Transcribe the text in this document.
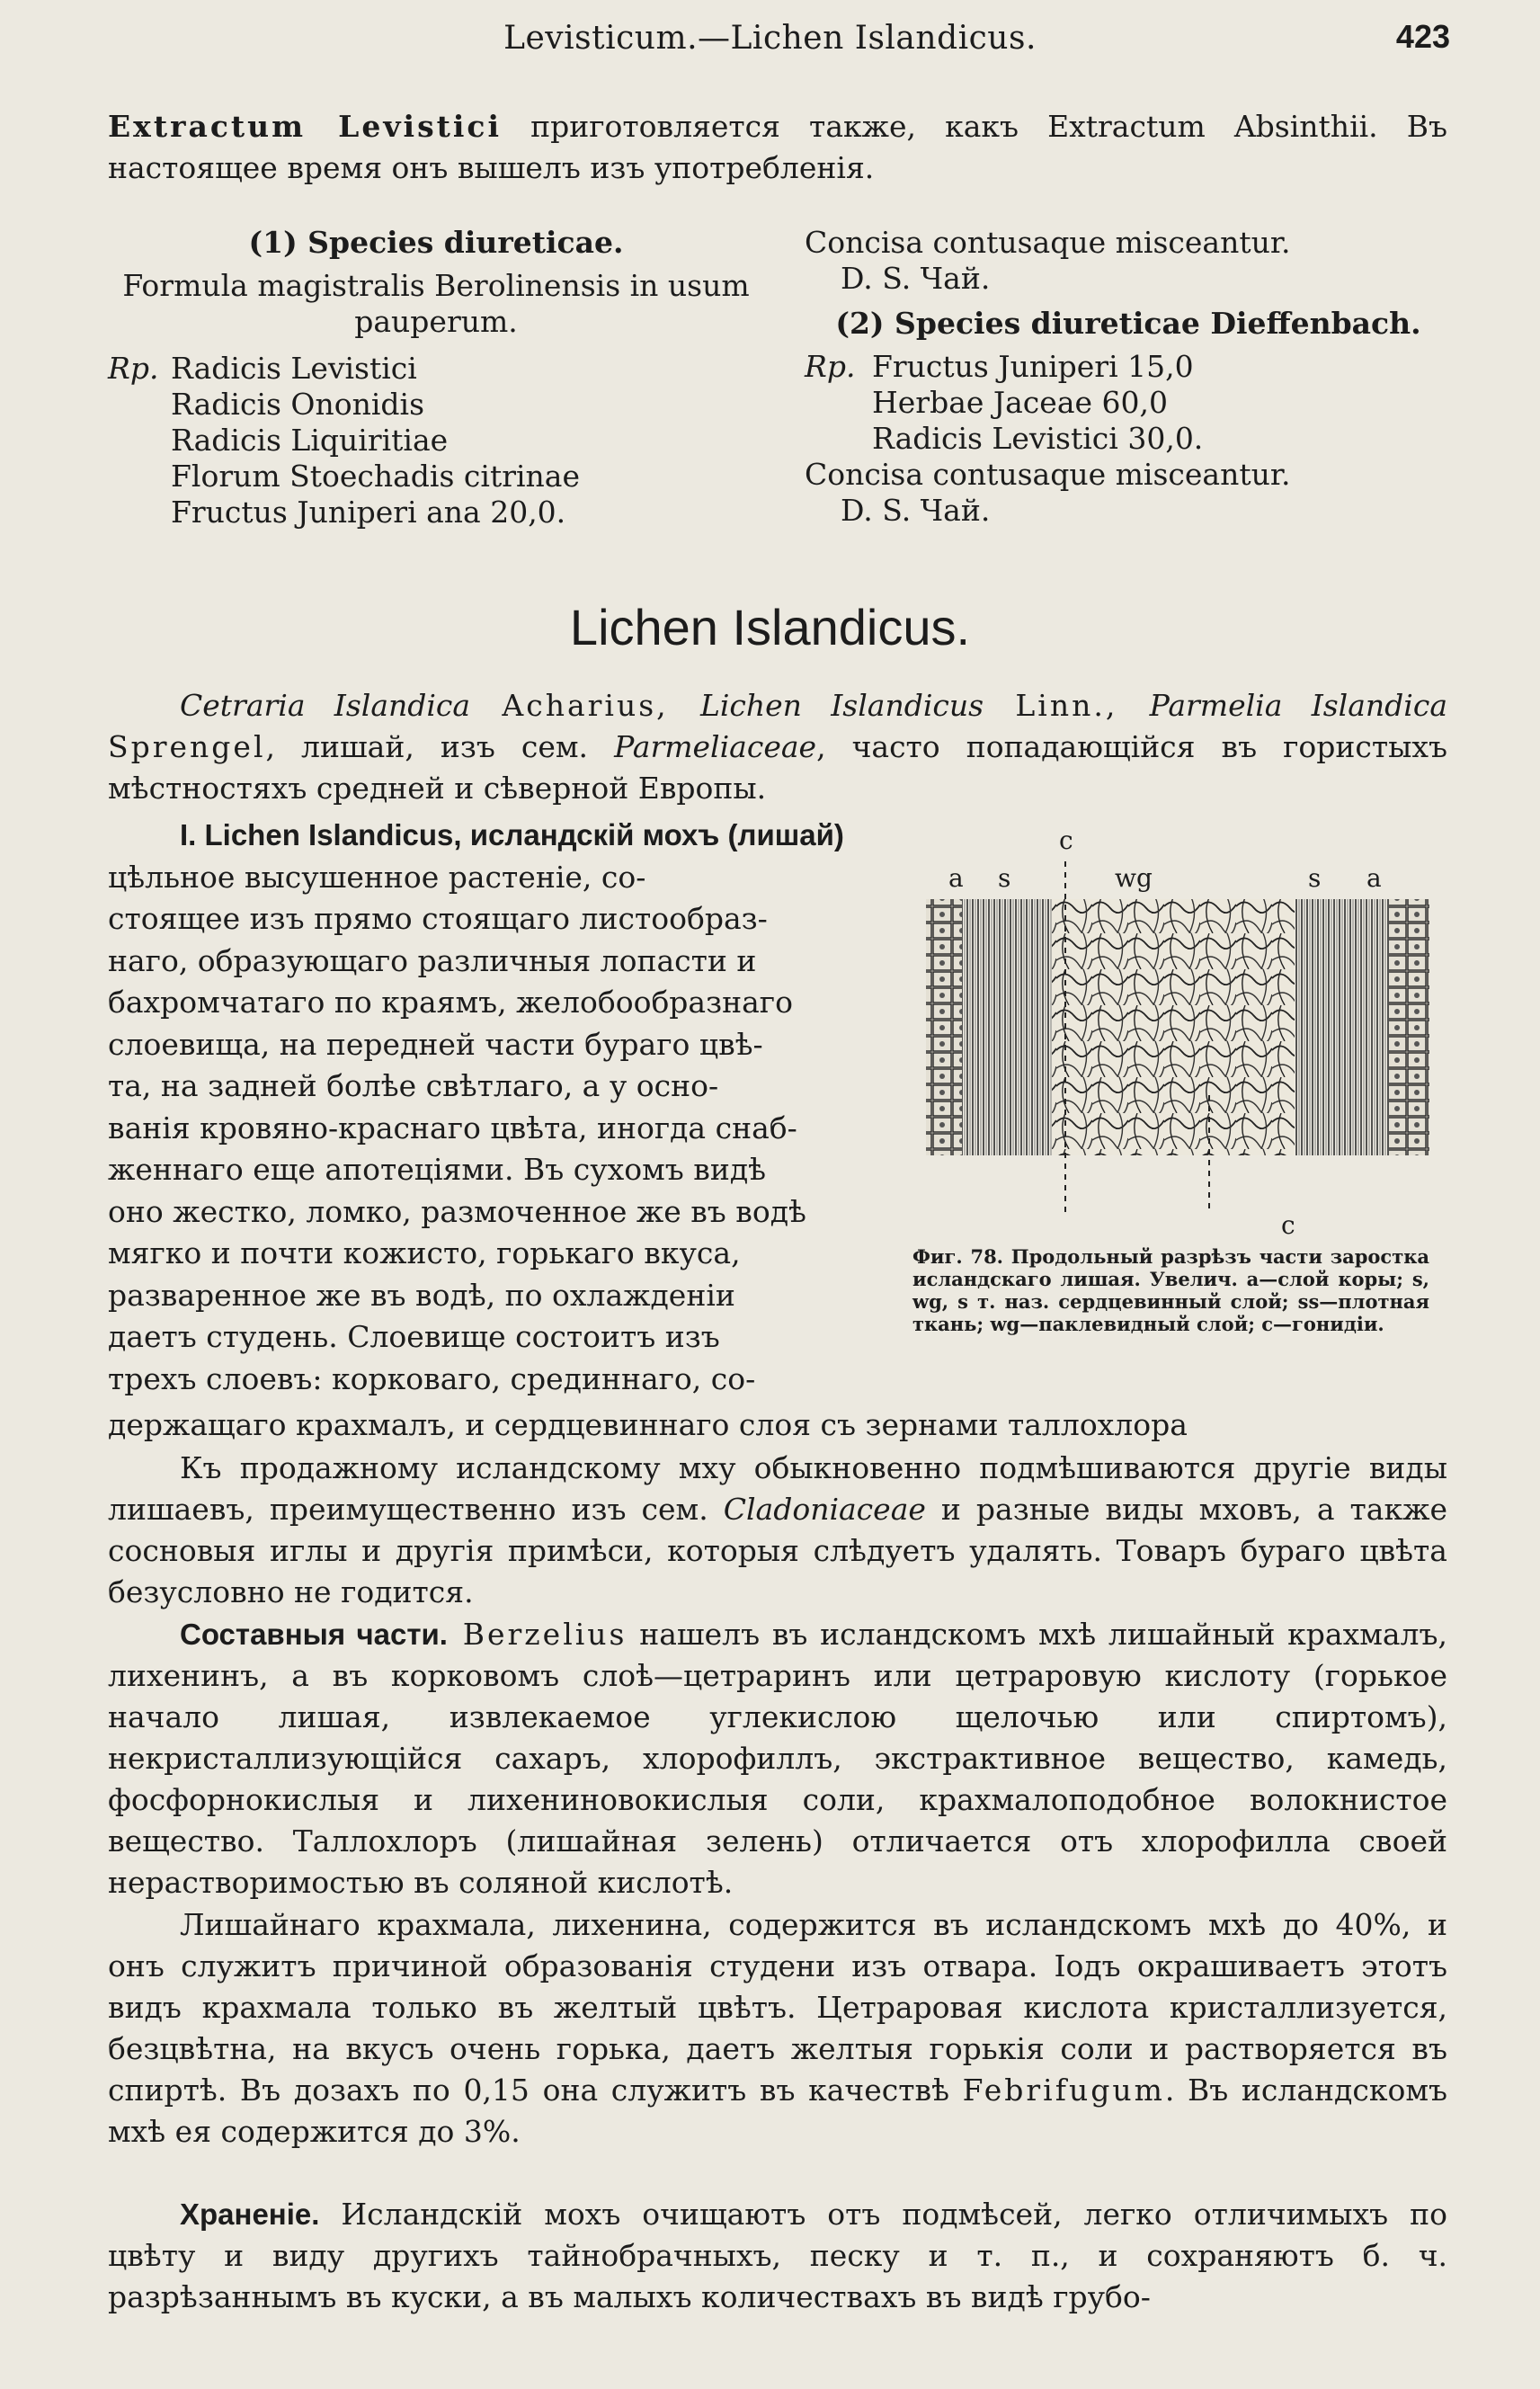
Levisticum.—Lichen Islandicus.	423
Extractum Levistici приготовляется также, какъ Extractum Absinthii. Въ настоящее время онъ вышелъ изъ употребленія.
(1) Species diureticae.
Formula magistralis Berolinensis in usum pauperum.
Rp. Radicis Levistici
Radicis Ononidis
Radicis Liquiritiae
Florum Stoechadis citrinae
Fructus Juniperi ana 20,0.
Concisa contusaque misceantur.
D. S. Чай.
(2) Species diureticae Dieffenbach.
Rp. Fructus Juniperi 15,0
Herbae Jaceae 60,0
Radicis Levistici 30,0.
Concisa contusaque misceantur.
D. S. Чай.
Lichen Islandicus.
Cetraria Islandica Acharius, Lichen Islandicus Linn., Parmelia Islandica Sprengel, лишай, изъ сем. Parmeliaceae, часто попадающійся въ гористыхъ мѣстностяхъ средней и сѣверной Европы.
I. Lichen Islandicus, исландскій мохъ (лишай)
цѣльное высушенное растеніе, со-
стоящее изъ прямо стоящаго листообраз-
наго, образующаго различныя лопасти и
бахромчатаго по краямъ, желобообразнаго
слоевища, на передней части бураго цвѣ-
та, на задней болѣе свѣтлаго, а у осно-
ванія кровяно-краснаго цвѣта, иногда снаб-
женнаго еще апотеціями. Въ сухомъ видѣ
оно жестко, ломко, размоченное же въ водѣ
мягко и почти кожисто, горькаго вкуса,
разваренное же въ водѣ, по охлажденіи
даетъ студень. Слоевище состоитъ изъ
трехъ слоевъ: корковаго, срединнаго, со-
держащаго крахмалъ, и сердцевиннаго слоя съ зернами таллохлора
a s
c
wg	s a
c
Фиг. 78. Продольный разрѣзъ части заростка исландскаго лишая. Увелич. a—слой коры; s, wg, s т. наз. сердцевинный слой; ss—плотная ткань; wg—паклевидный слой; c—гонидіи.
Къ продажному исландскому мху обыкновенно подмѣшиваются другіе виды лишаевъ, преимущественно изъ сем. Cladoniaceae и разные виды мховъ, а также сосновыя иглы и другія примѣси, которыя слѣдуетъ удалять. Товаръ бураго цвѣта безусловно не годится.
Составныя части. Berzelius нашелъ въ исландскомъ мхѣ лишайный крахмалъ, лихенинъ, а въ корковомъ слоѣ—цетраринъ или цетраровую кислоту (горькое начало лишая, извлекаемое углекислою щелочью или спиртомъ), некристаллизующійся сахаръ, хлорофиллъ, экстрактивное вещество, камедь, фосфорнокислыя и лихениновокислыя соли, крахмалоподобное волокнистое вещество. Таллохлоръ (лишайная зелень) отличается отъ хлорофилла своей нерастворимостью въ соляной кислотѣ.
Лишайнаго крахмала, лихенина, содержится въ исландскомъ мхѣ до 40%, и онъ служитъ причиной образованія студени изъ отвара. Іодъ окрашиваетъ этотъ видъ крахмала только въ желтый цвѣтъ. Цетраровая кислота кристаллизуется, безцвѣтна, на вкусъ очень горька, даетъ желтыя горькія соли и растворяется въ спиртѣ. Въ дозахъ по 0,15 она служитъ въ качествѣ Febrifugum. Въ исландскомъ мхѣ ея содержится до 3%.
Храненіе. Исландскій мохъ очищаютъ отъ подмѣсей, легко отличимыхъ по цвѣту и виду другихъ тайнобрачныхъ, песку и т. п., и сохраняютъ б. ч. разрѣзаннымъ въ куски, а въ малыхъ количествахъ въ видѣ грубо-
